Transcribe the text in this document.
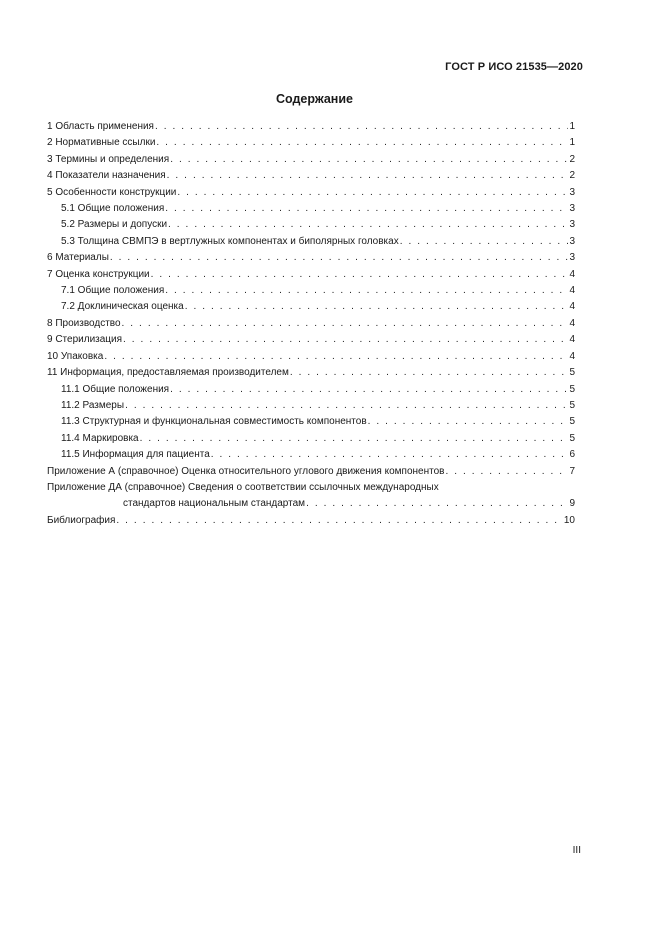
ГОСТ Р ИСО 21535—2020
Содержание
1 Область применения . . .	1
2 Нормативные ссылки . . .	1
3 Термины и определения . . .	2
4 Показатели назначения . . .	2
5 Особенности конструкции . . .	3
5.1 Общие положения . . .	3
5.2 Размеры и допуски . . .	3
5.3 Толщина СВМПЭ в вертлужных компонентах и биполярных головках . . .	3
6 Материалы . . .	3
7 Оценка конструкции . . .	4
7.1 Общие положения . . .	4
7.2 Доклиническая оценка . . .	4
8 Производство . . .	4
9 Стерилизация . . .	4
10 Упаковка . . .	4
11 Информация, предоставляемая производителем . . .	5
11.1 Общие положения . . .	5
11.2 Размеры . . .	5
11.3 Структурная и функциональная совместимость компонентов . . .	5
11.4 Маркировка . . .	5
11.5 Информация для пациента . . .	6
Приложение А (справочное) Оценка относительного углового движения компонентов . . .	7
Приложение ДА (справочное) Сведения о соответствии ссылочных международных
стандартов национальным стандартам . . .	9
Библиография . . .	10
III
